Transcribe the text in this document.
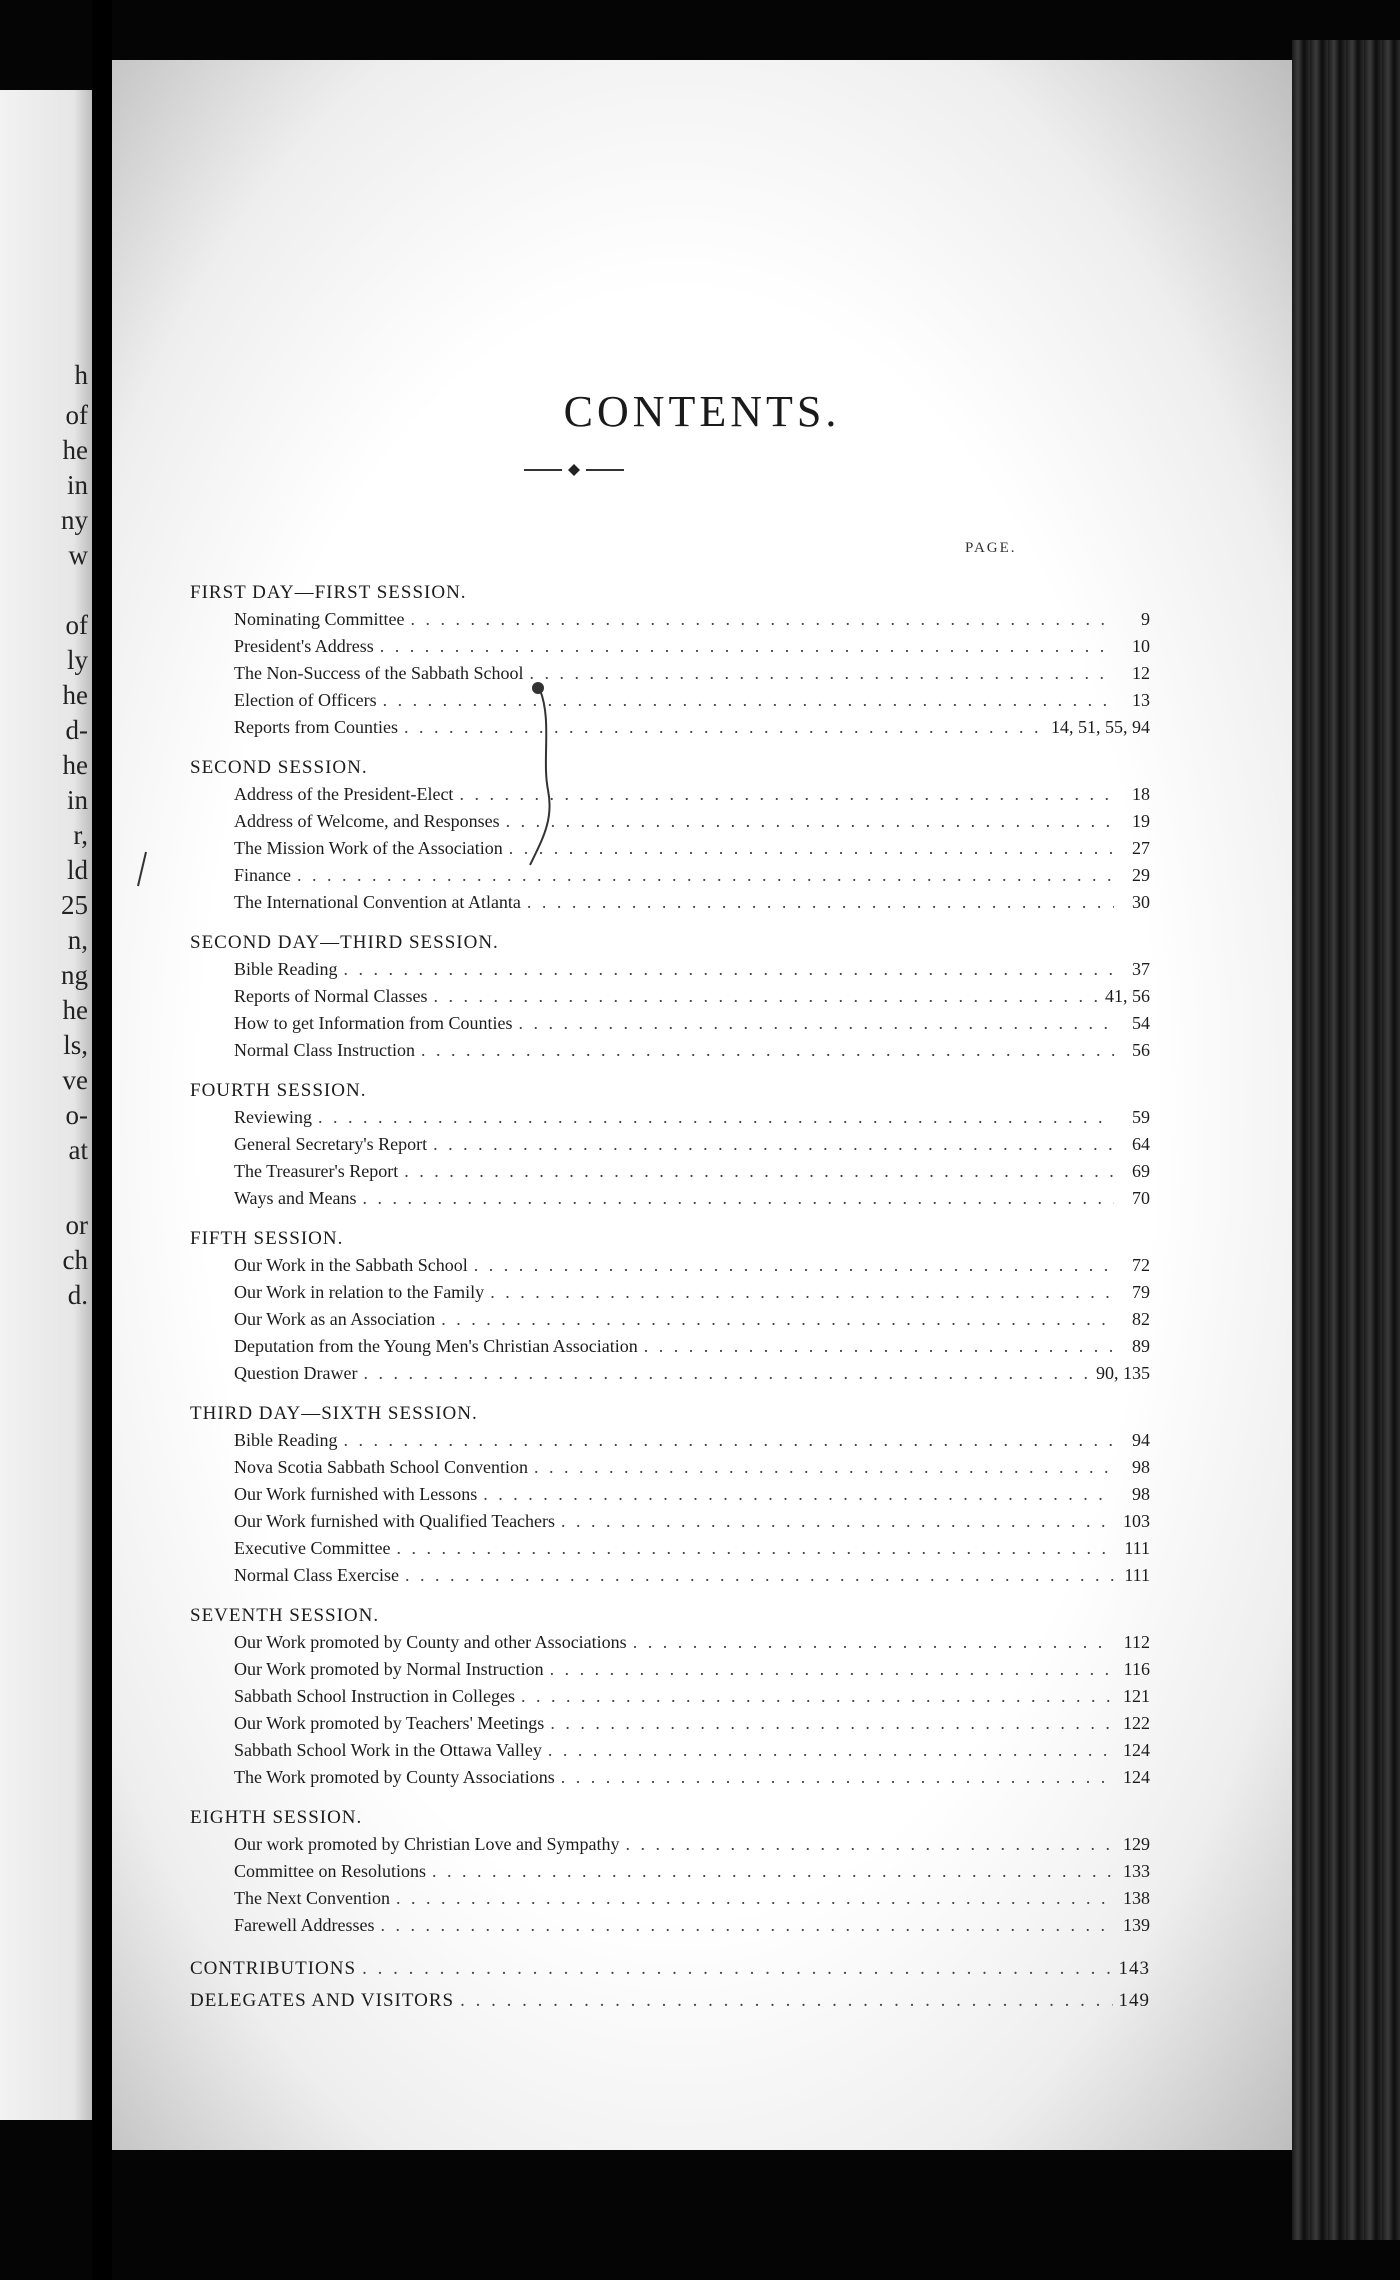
h
of
he
in
ny
w
of
ly
he
d-
he
in
r,
ld
25
n,
ng
he
ls,
ve
o-
at
or
ch
d.
CONTENTS.
PAGE.
FIRST DAY—FIRST SESSION.
Nominating Committee . . .	9
President's Address . . .	10
The Non-Success of the Sabbath School . . .	12
Election of Officers . . .	13
Reports from Counties . . .	14, 51, 55, 94
SECOND SESSION.
Address of the President-Elect . . .	18
Address of Welcome, and Responses . . .	19
The Mission Work of the Association . . .	27
Finance . . .	29
The International Convention at Atlanta . . .	30
SECOND DAY—THIRD SESSION.
Bible Reading . . .	37
Reports of Normal Classes . . .	41, 56
How to get Information from Counties . . .	54
Normal Class Instruction . . .	56
FOURTH SESSION.
Reviewing . . .	59
General Secretary's Report . . .	64
The Treasurer's Report . . .	69
Ways and Means . . .	70
FIFTH SESSION.
Our Work in the Sabbath School . . .	72
Our Work in relation to the Family . . .	79
Our Work as an Association . . .	82
Deputation from the Young Men's Christian Association . . .	89
Question Drawer . . .	90, 135
THIRD DAY—SIXTH SESSION.
Bible Reading . . .	94
Nova Scotia Sabbath School Convention . . .	98
Our Work furnished with Lessons . . .	98
Our Work furnished with Qualified Teachers . . .	103
Executive Committee . . .	111
Normal Class Exercise . . .	111
SEVENTH SESSION.
Our Work promoted by County and other Associations . . .	112
Our Work promoted by Normal Instruction . . .	116
Sabbath School Instruction in Colleges . . .	121
Our Work promoted by Teachers' Meetings . . .	122
Sabbath School Work in the Ottawa Valley . . .	124
The Work promoted by County Associations . . .	124
EIGHTH SESSION.
Our work promoted by Christian Love and Sympathy . . .	129
Committee on Resolutions . . .	133
The Next Convention . . .	138
Farewell Addresses . . .	139
CONTRIBUTIONS . . .	143
DELEGATES AND VISITORS . . .	149
